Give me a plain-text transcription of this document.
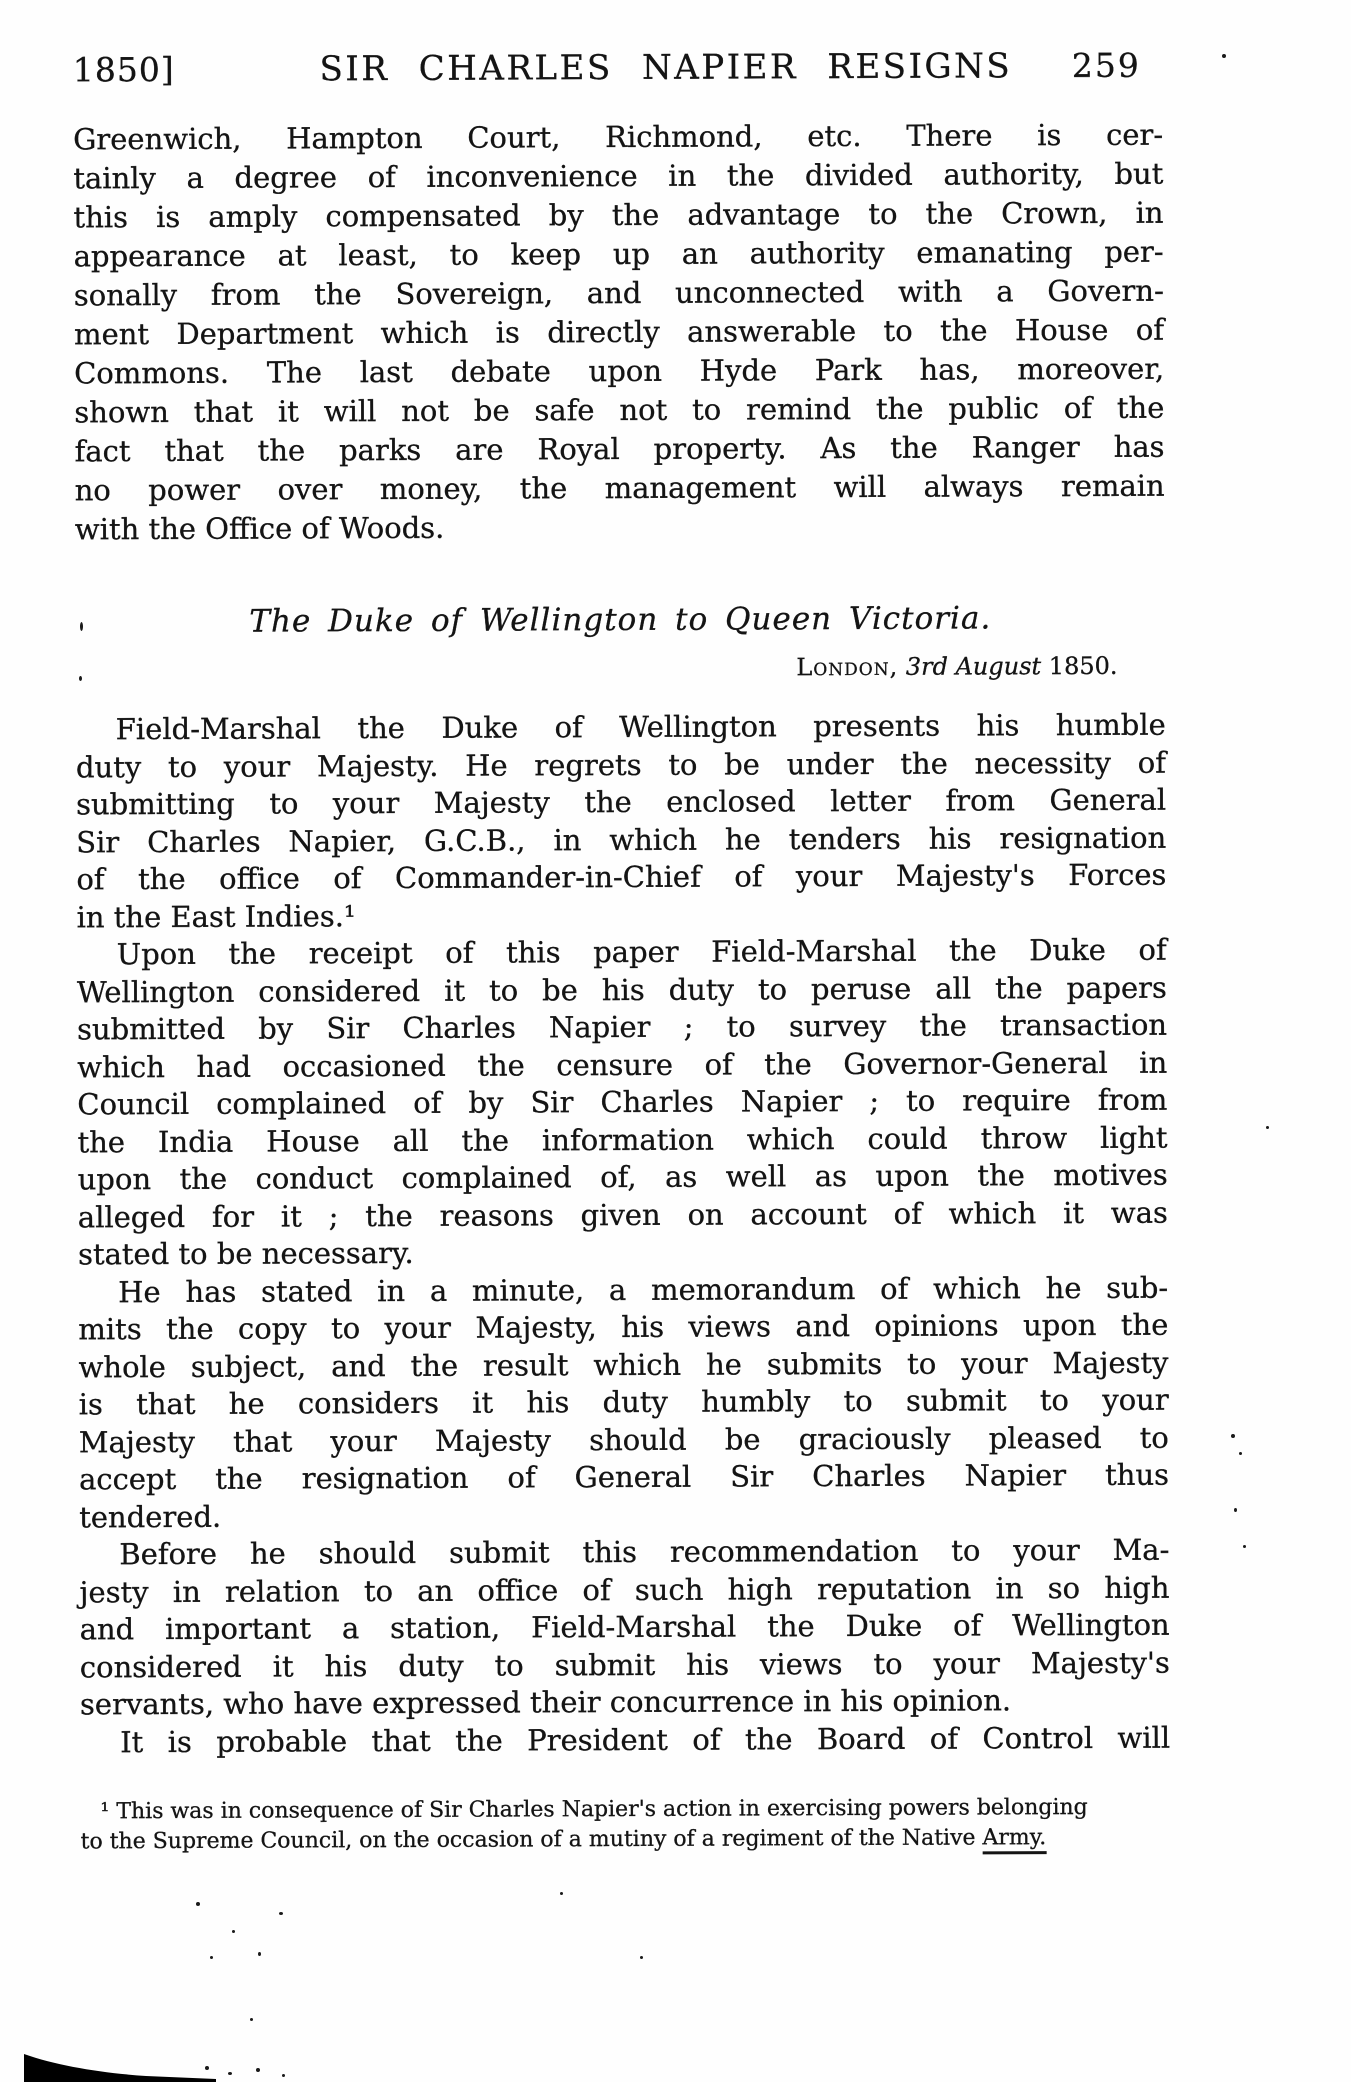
1850]	SIR CHARLES NAPIER RESIGNS 259
Greenwich, Hampton Court, Richmond, etc. There is cer-
tainly a degree of inconvenience in the divided authority, but
this is amply compensated by the advantage to the Crown, in
appearance at least, to keep up an authority emanating per-
sonally from the Sovereign, and unconnected with a Govern-
ment Department which is directly answerable to the House of
Commons. The last debate upon Hyde Park has, moreover,
shown that it will not be safe not to remind the public of the
fact that the parks are Royal property. As the Ranger has
no power over money, the management will always remain
with the Office of Woods.
The Duke of Wellington to Queen Victoria.
London, 3rd August 1850.
Field-Marshal the Duke of Wellington presents his humble
duty to your Majesty. He regrets to be under the necessity of
submitting to your Majesty the enclosed letter from General
Sir Charles Napier, G.C.B., in which he tenders his resignation
of the office of Commander-in-Chief of your Majesty's Forces
in the East Indies.¹
Upon the receipt of this paper Field-Marshal the Duke of
Wellington considered it to be his duty to peruse all the papers
submitted by Sir Charles Napier ; to survey the transaction
which had occasioned the censure of the Governor-General in
Council complained of by Sir Charles Napier ; to require from
the India House all the information which could throw light
upon the conduct complained of, as well as upon the motives
alleged for it ; the reasons given on account of which it was
stated to be necessary.
He has stated in a minute, a memorandum of which he sub-
mits the copy to your Majesty, his views and opinions upon the
whole subject, and the result which he submits to your Majesty
is that he considers it his duty humbly to submit to your
Majesty that your Majesty should be graciously pleased to
accept the resignation of General Sir Charles Napier thus
tendered.
Before he should submit this recommendation to your Ma-
jesty in relation to an office of such high reputation in so high
and important a station, Field-Marshal the Duke of Wellington
considered it his duty to submit his views to your Majesty's
servants, who have expressed their concurrence in his opinion.
It is probable that the President of the Board of Control will
¹ This was in consequence of Sir Charles Napier's action in exercising powers belonging
to the Supreme Council, on the occasion of a mutiny of a regiment of the Native Army.
